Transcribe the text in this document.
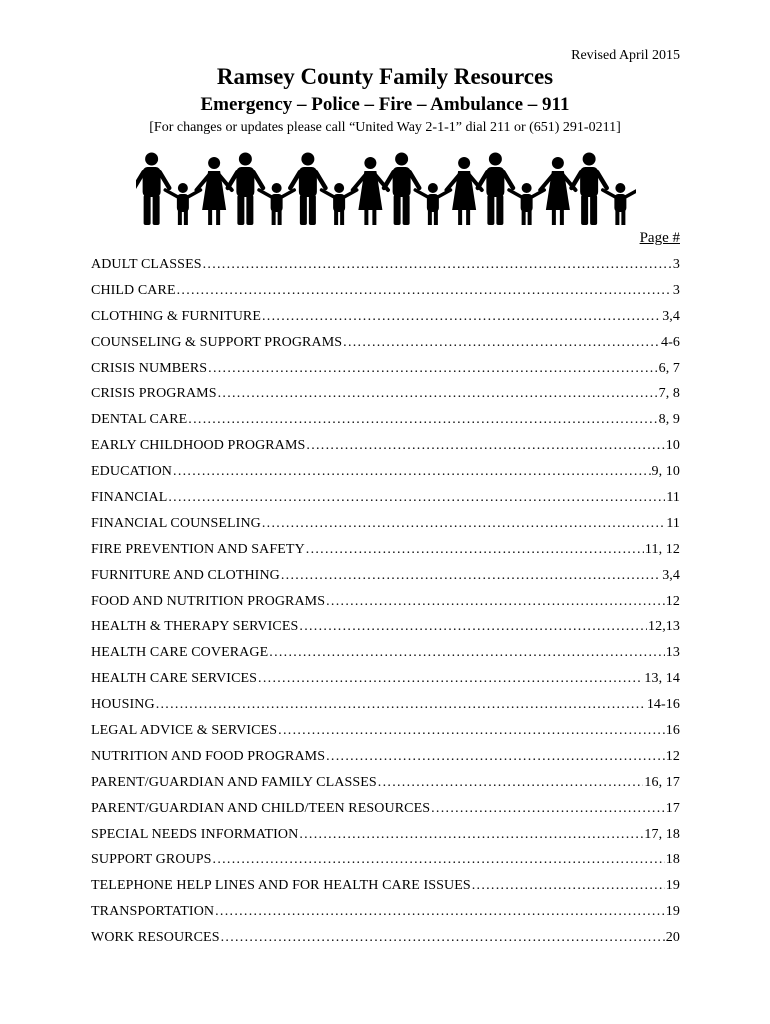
Revised April 2015
Ramsey County Family Resources
Emergency – Police – Fire – Ambulance – 911
[For changes or updates please call “United Way 2-1-1” dial 211 or (651) 291-0211]
Page #
ADULT CLASSES .....	3
CHILD CARE .....	3
CLOTHING & FURNITURE .....	3,4
COUNSELING & SUPPORT PROGRAMS .....	4-6
CRISIS NUMBERS .....	6, 7
CRISIS PROGRAMS .....	7, 8
DENTAL CARE .....	8, 9
EARLY CHILDHOOD PROGRAMS .....	10
EDUCATION .....	9, 10
FINANCIAL .....	11
FINANCIAL COUNSELING .....	11
FIRE PREVENTION AND SAFETY .....	11, 12
FURNITURE AND CLOTHING .....	3,4
FOOD AND NUTRITION PROGRAMS .....	12
HEALTH & THERAPY SERVICES .....	12,13
HEALTH CARE COVERAGE .....	13
HEALTH CARE SERVICES .....	13, 14
HOUSING .....	14-16
LEGAL ADVICE & SERVICES .....	16
NUTRITION AND FOOD PROGRAMS .....	12
PARENT/GUARDIAN AND FAMILY CLASSES .....	16, 17
PARENT/GUARDIAN AND CHILD/TEEN RESOURCES .....	17
SPECIAL NEEDS INFORMATION .....	17, 18
SUPPORT GROUPS .....	18
TELEPHONE HELP LINES AND FOR HEALTH CARE ISSUES .....	19
TRANSPORTATION .....	19
WORK RESOURCES .....	20
